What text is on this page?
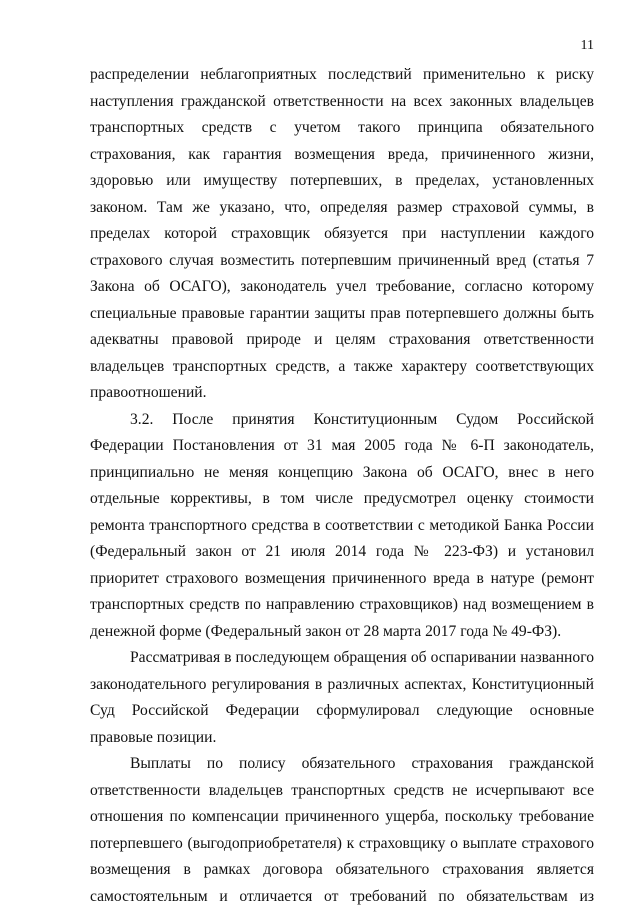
11

распределении неблагоприятных последствий применительно к риску наступления гражданской ответственности на всех законных владельцев транспортных средств с учетом такого принципа обязательного страхования, как гарантия возмещения вреда, причиненного жизни, здоровью или имуществу потерпевших, в пределах, установленных законом. Там же указано, что, определяя размер страховой суммы, в пределах которой страховщик обязуется при наступлении каждого страхового случая возместить потерпевшим причиненный вред (статья 7 Закона об ОСАГО), законодатель учел требование, согласно которому специальные правовые гарантии защиты прав потерпевшего должны быть адекватны правовой природе и целям страхования ответственности владельцев транспортных средств, а также характеру соответствующих правоотношений.

3.2. После принятия Конституционным Судом Российской Федерации Постановления от 31 мая 2005 года № 6-П законодатель, принципиально не меняя концепцию Закона об ОСАГО, внес в него отдельные коррективы, в том числе предусмотрел оценку стоимости ремонта транспортного средства в соответствии с методикой Банка России (Федеральный закон от 21 июля 2014 года № 223-ФЗ) и установил приоритет страхового возмещения причиненного вреда в натуре (ремонт транспортных средств по направлению страховщиков) над возмещением в денежной форме (Федеральный закон от 28 марта 2017 года № 49-ФЗ).

Рассматривая в последующем обращения об оспаривании названного законодательного регулирования в различных аспектах, Конституционный Суд Российской Федерации сформулировал следующие основные правовые позиции.

Выплаты по полису обязательного страхования гражданской ответственности владельцев транспортных средств не исчерпывают все отношения по компенсации причиненного ущерба, поскольку требование потерпевшего (выгодоприобретателя) к страховщику о выплате страхового возмещения в рамках договора обязательного страхования является самостоятельным и отличается от требований по обязательствам из
